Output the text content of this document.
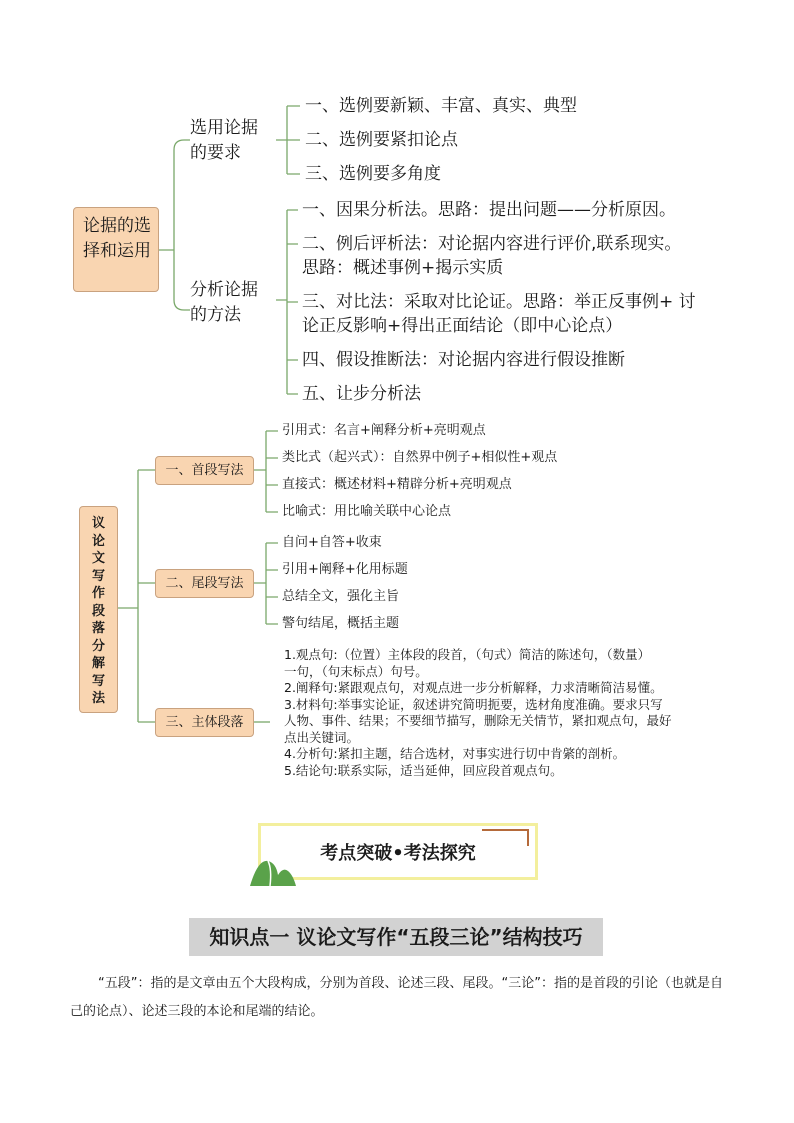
论据的选择和运用
选用论据
的要求
一、选例要新颖、丰富、真实、典型
二、选例要紧扣论点
三、选例要多角度
分析论据
的方法
一、因果分析法。思路：提出问题——分析原因。
二、例后评析法：对论据内容进行评价,联系现实。
思路：概述事例+揭示实质
三、对比法：采取对比论证。思路：举正反事例+ 讨
论正反影响+得出正面结论（即中心论点）
四、假设推断法：对论据内容进行假设推断
五、让步分析法
议
论
文
写
作
段
落
分
解
写
法
一、首段写法
引用式：名言+阐释分析+亮明观点
类比式（起兴式）：自然界中例子+相似性+观点
直接式：概述材料+精辟分析+亮明观点
比喻式：用比喻关联中心论点
二、尾段写法
自问+自答+收束
引用+阐释+化用标题
总结全文，强化主旨
警句结尾，概括主题
三、主体段落
1.观点句:（位置）主体段的段首，（句式）简洁的陈述句，（数量）
一句，（句末标点）句号。
2.阐释句:紧跟观点句，对观点进一步分析解释，力求清晰简洁易懂。
3.材料句:举事实论证，叙述讲究简明扼要，选材角度准确。要求只写
人物、事件、结果；不要细节描写，删除无关情节，紧扣观点句，最好
点出关键词。
4.分析句:紧扣主题，结合选材，对事实进行切中肯綮的剖析。
5.结论句:联系实际，适当延伸，回应段首观点句。
考点突破•考法探究
知识点一 议论文写作“五段三论”结构技巧
“五段”：指的是文章由五个大段构成，分别为首段、论述三段、尾段。“三论”：指的是首段的引论（也就是自己的论点）、论述三段的本论和尾端的结论。
